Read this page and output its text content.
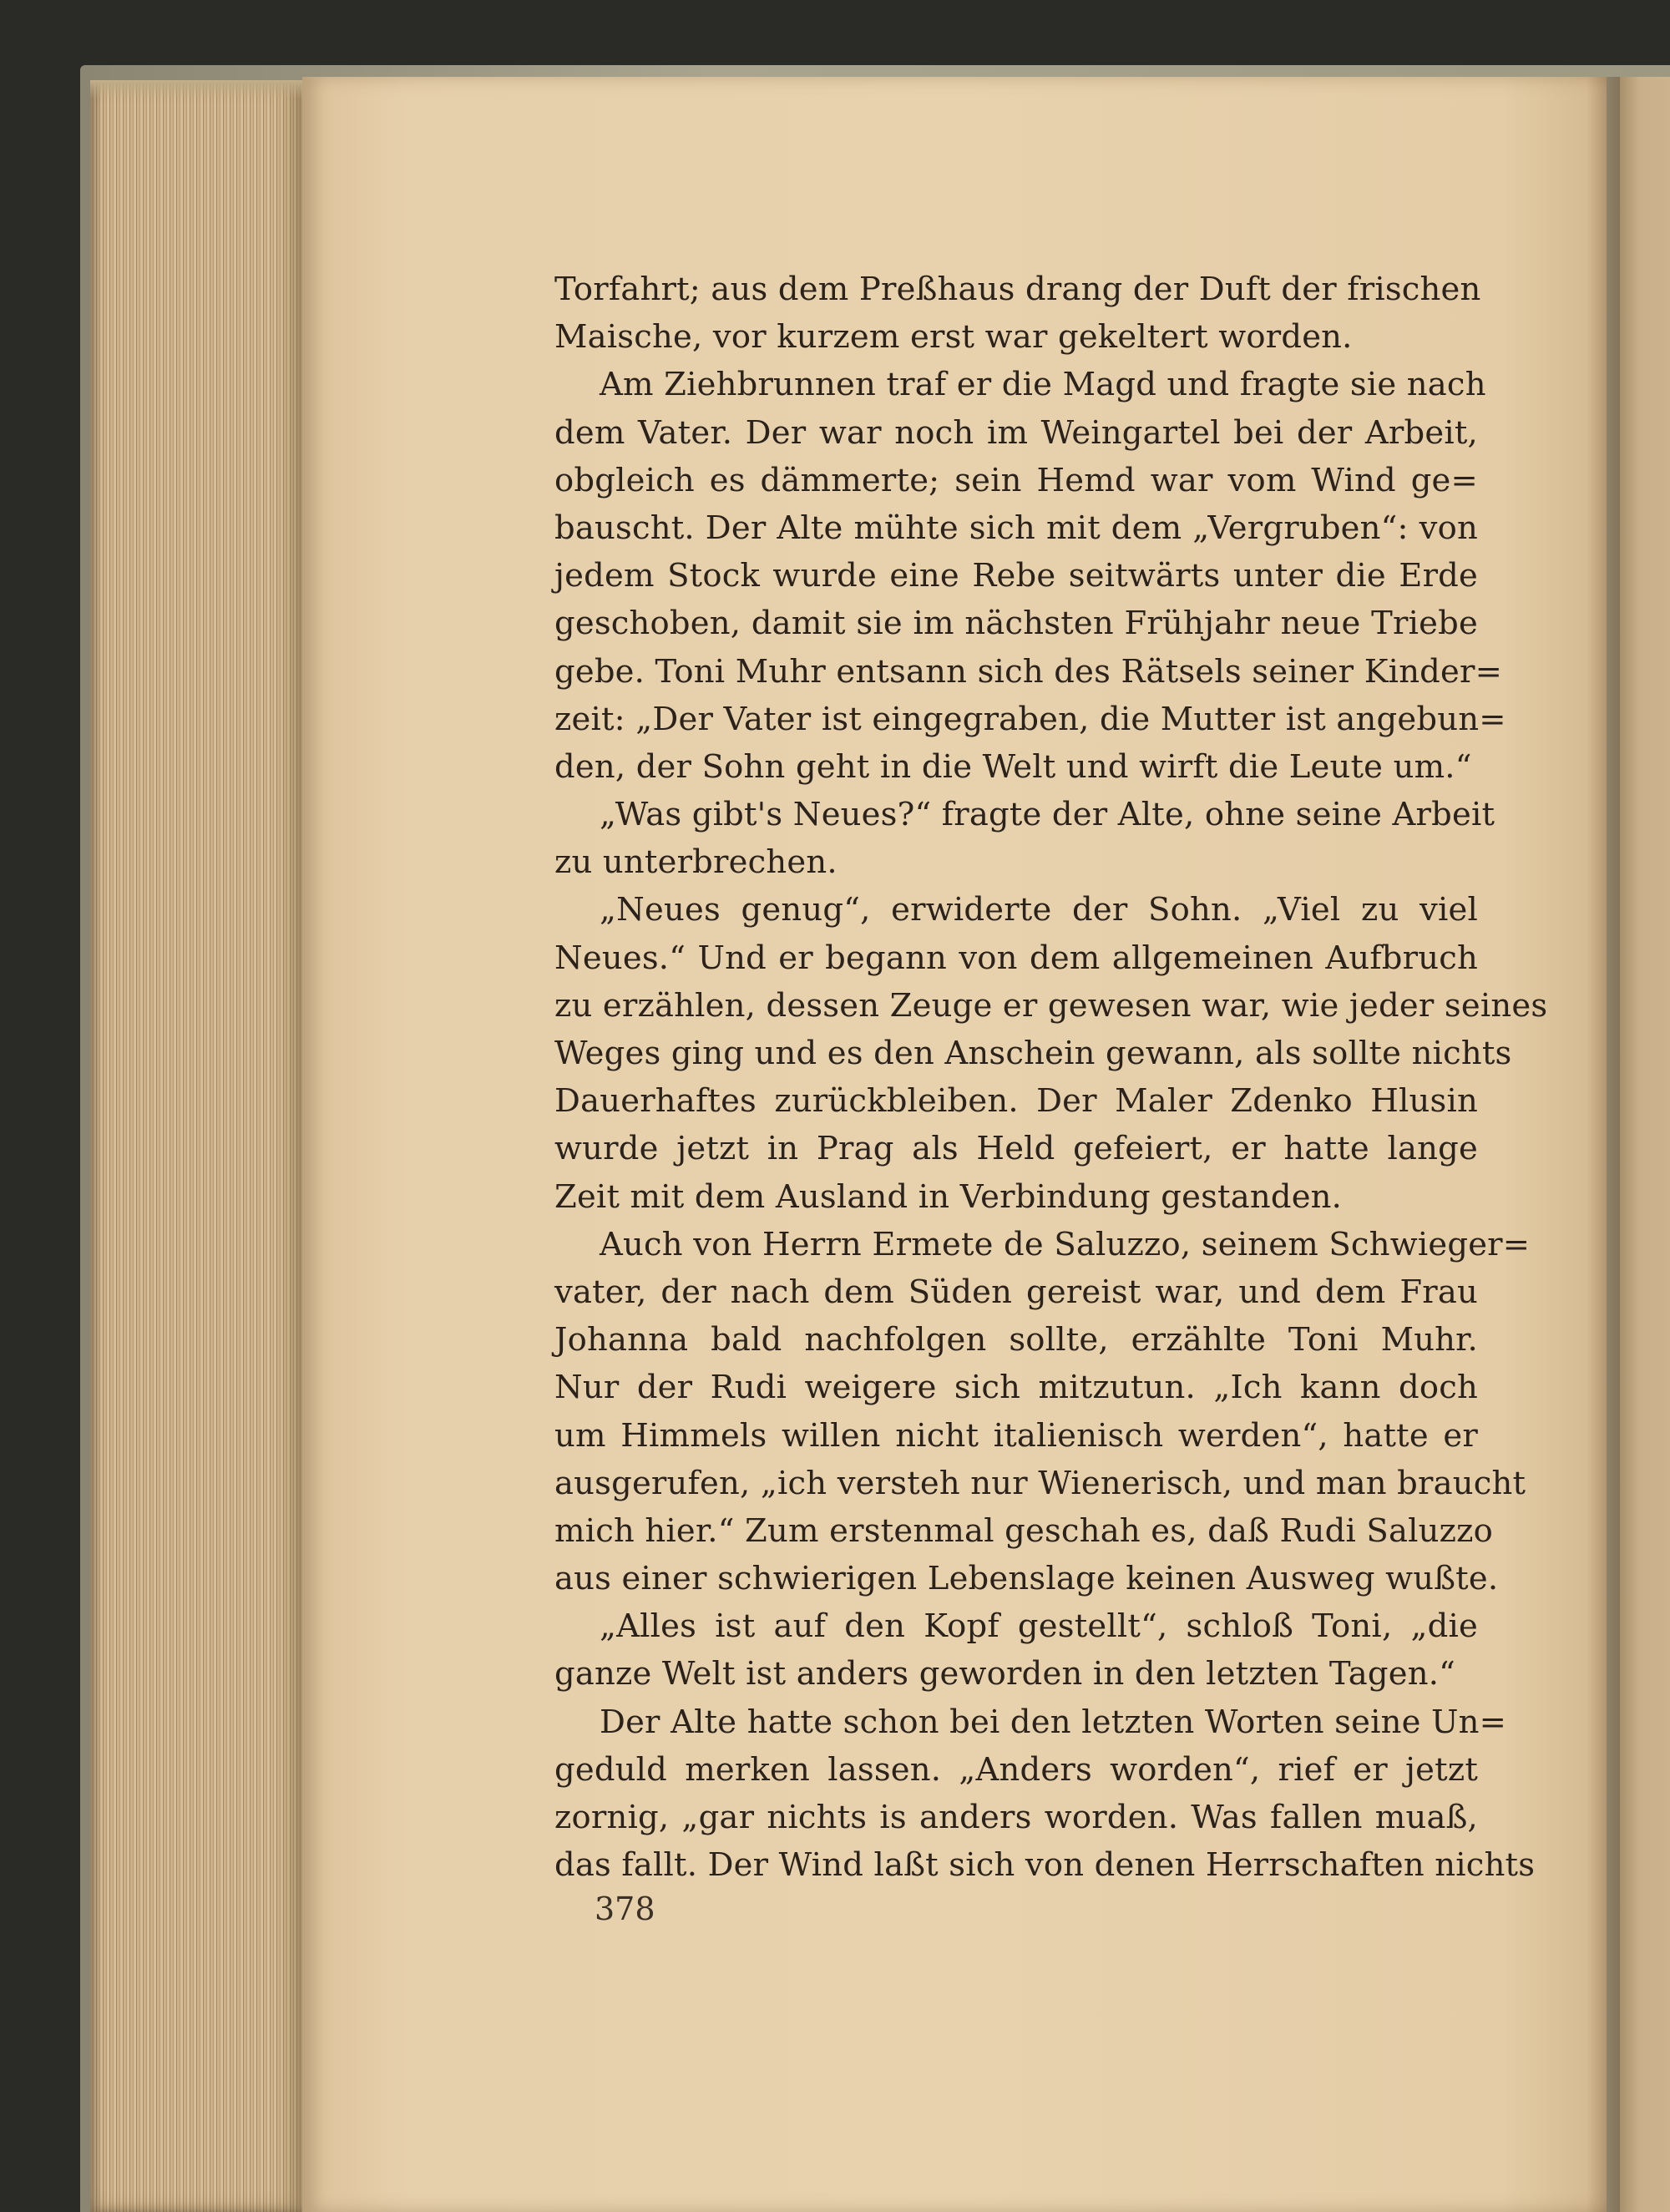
Torfahrt; aus dem Preßhaus drang der Duft der frischen
Maische, vor kurzem erst war gekeltert worden.
Am Ziehbrunnen traf er die Magd und fragte sie nach
dem Vater. Der war noch im Weingartel bei der Arbeit,
obgleich es dämmerte; sein Hemd war vom Wind ge=
bauscht. Der Alte mühte sich mit dem „Vergruben“: von
jedem Stock wurde eine Rebe seitwärts unter die Erde
geschoben, damit sie im nächsten Frühjahr neue Triebe
gebe. Toni Muhr entsann sich des Rätsels seiner Kinder=
zeit: „Der Vater ist eingegraben, die Mutter ist angebun=
den, der Sohn geht in die Welt und wirft die Leute um.“
„Was gibt's Neues?“ fragte der Alte, ohne seine Arbeit
zu unterbrechen.
„Neues genug“, erwiderte der Sohn. „Viel zu viel
Neues.“ Und er begann von dem allgemeinen Aufbruch
zu erzählen, dessen Zeuge er gewesen war, wie jeder seines
Weges ging und es den Anschein gewann, als sollte nichts
Dauerhaftes zurückbleiben. Der Maler Zdenko Hlusin
wurde jetzt in Prag als Held gefeiert, er hatte lange
Zeit mit dem Ausland in Verbindung gestanden.
Auch von Herrn Ermete de Saluzzo, seinem Schwieger=
vater, der nach dem Süden gereist war, und dem Frau
Johanna bald nachfolgen sollte, erzählte Toni Muhr.
Nur der Rudi weigere sich mitzutun. „Ich kann doch
um Himmels willen nicht italienisch werden“, hatte er
ausgerufen, „ich versteh nur Wienerisch, und man braucht
mich hier.“ Zum erstenmal geschah es, daß Rudi Saluzzo
aus einer schwierigen Lebenslage keinen Ausweg wußte.
„Alles ist auf den Kopf gestellt“, schloß Toni, „die
ganze Welt ist anders geworden in den letzten Tagen.“
Der Alte hatte schon bei den letzten Worten seine Un=
geduld merken lassen. „Anders worden“, rief er jetzt
zornig, „gar nichts is anders worden. Was fallen muaß,
das fallt. Der Wind laßt sich von denen Herrschaften nichts
378
